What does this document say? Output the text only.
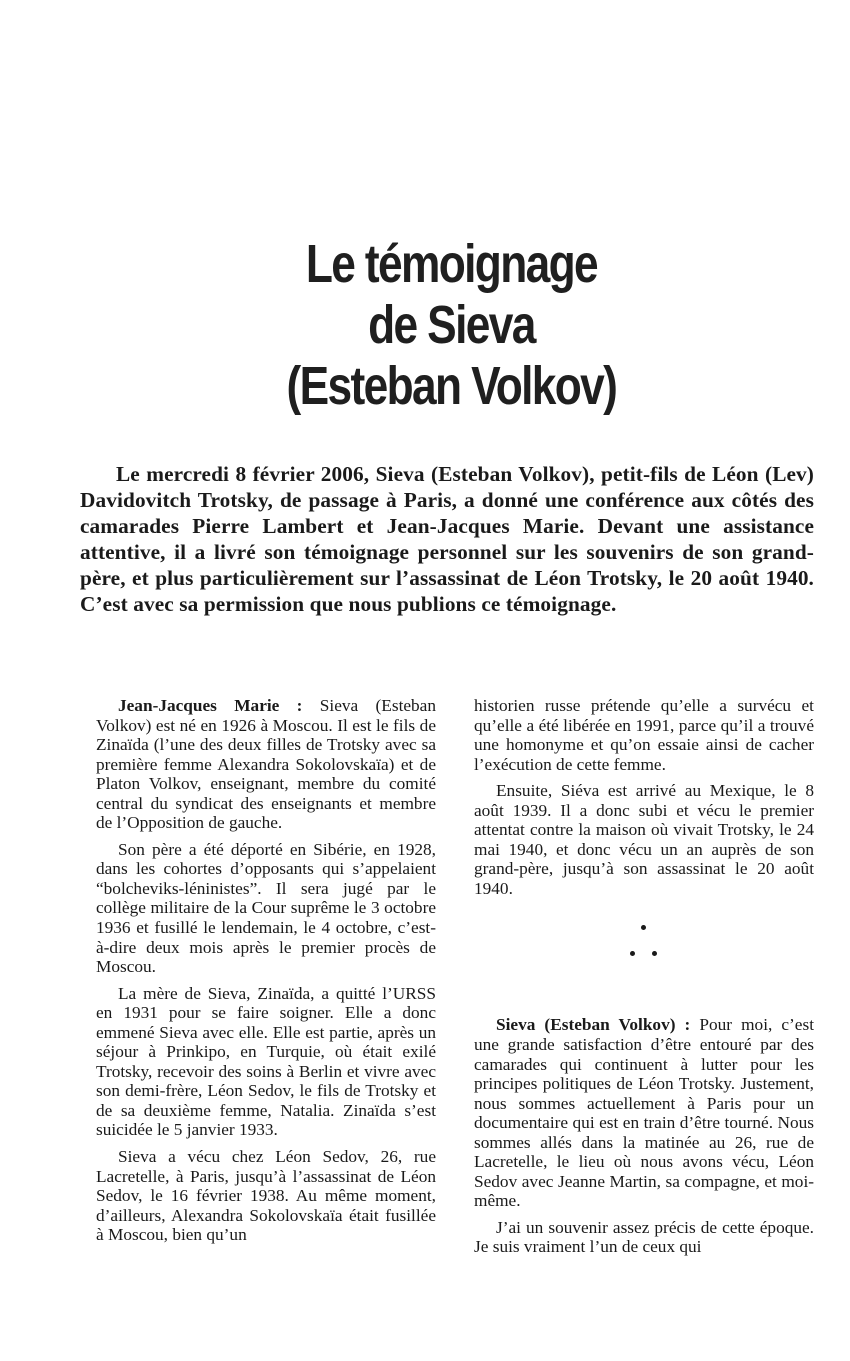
Le témoignage
de Sieva
(Esteban Volkov)

Le mercredi 8 février 2006, Sieva (Esteban Volkov), petit-fils de Léon (Lev) Davidovitch Trotsky, de passage à Paris, a donné une conférence aux côtés des camarades Pierre Lambert et Jean-Jacques Marie. Devant une assistance attentive, il a livré son témoignage personnel sur les souvenirs de son grand-père, et plus particulièrement sur l’assassinat de Léon Trotsky, le 20 août 1940. C’est avec sa permission que nous publions ce témoignage.

Jean-Jacques Marie : Sieva (Esteban Volkov) est né en 1926 à Moscou. Il est le fils de Zinaïda (l’une des deux filles de Trotsky avec sa première femme Alexandra Sokolovskaïa) et de Platon Volkov, enseignant, membre du comité central du syndicat des enseignants et membre de l’Opposition de gauche.

Son père a été déporté en Sibérie, en 1928, dans les cohortes d’opposants qui s’appelaient “bolcheviks-léninistes”. Il sera jugé par le collège militaire de la Cour suprême le 3 octobre 1936 et fusillé le lendemain, le 4 octobre, c’est-à-dire deux mois après le premier procès de Moscou.

La mère de Sieva, Zinaïda, a quitté l’URSS en 1931 pour se faire soigner. Elle a donc emmené Sieva avec elle. Elle est partie, après un séjour à Prinkipo, en Turquie, où était exilé Trotsky, recevoir des soins à Berlin et vivre avec son demi-frère, Léon Sedov, le fils de Trotsky et de sa deuxième femme, Natalia. Zinaïda s’est suicidée le 5 janvier 1933.

Sieva a vécu chez Léon Sedov, 26, rue Lacretelle, à Paris, jusqu’à l’assassinat de Léon Sedov, le 16 février 1938. Au même moment, d’ailleurs, Alexandra Sokolovskaïa était fusillée à Moscou, bien qu’un

historien russe prétende qu’elle a survécu et qu’elle a été libérée en 1991, parce qu’il a trouvé une homonyme et qu’on essaie ainsi de cacher l’exécution de cette femme.

Ensuite, Siéva est arrivé au Mexique, le 8 août 1939. Il a donc subi et vécu le premier attentat contre la maison où vivait Trotsky, le 24 mai 1940, et donc vécu un an auprès de son grand-père, jusqu’à son assassinat le 20 août 1940.

Sieva (Esteban Volkov) : Pour moi, c’est une grande satisfaction d’être entouré par des camarades qui continuent à lutter pour les principes politiques de Léon Trotsky. Justement, nous sommes actuellement à Paris pour un documentaire qui est en train d’être tourné. Nous sommes allés dans la matinée au 26, rue de Lacretelle, le lieu où nous avons vécu, Léon Sedov avec Jeanne Martin, sa compagne, et moi-même.

J’ai un souvenir assez précis de cette époque. Je suis vraiment l’un de ceux qui
